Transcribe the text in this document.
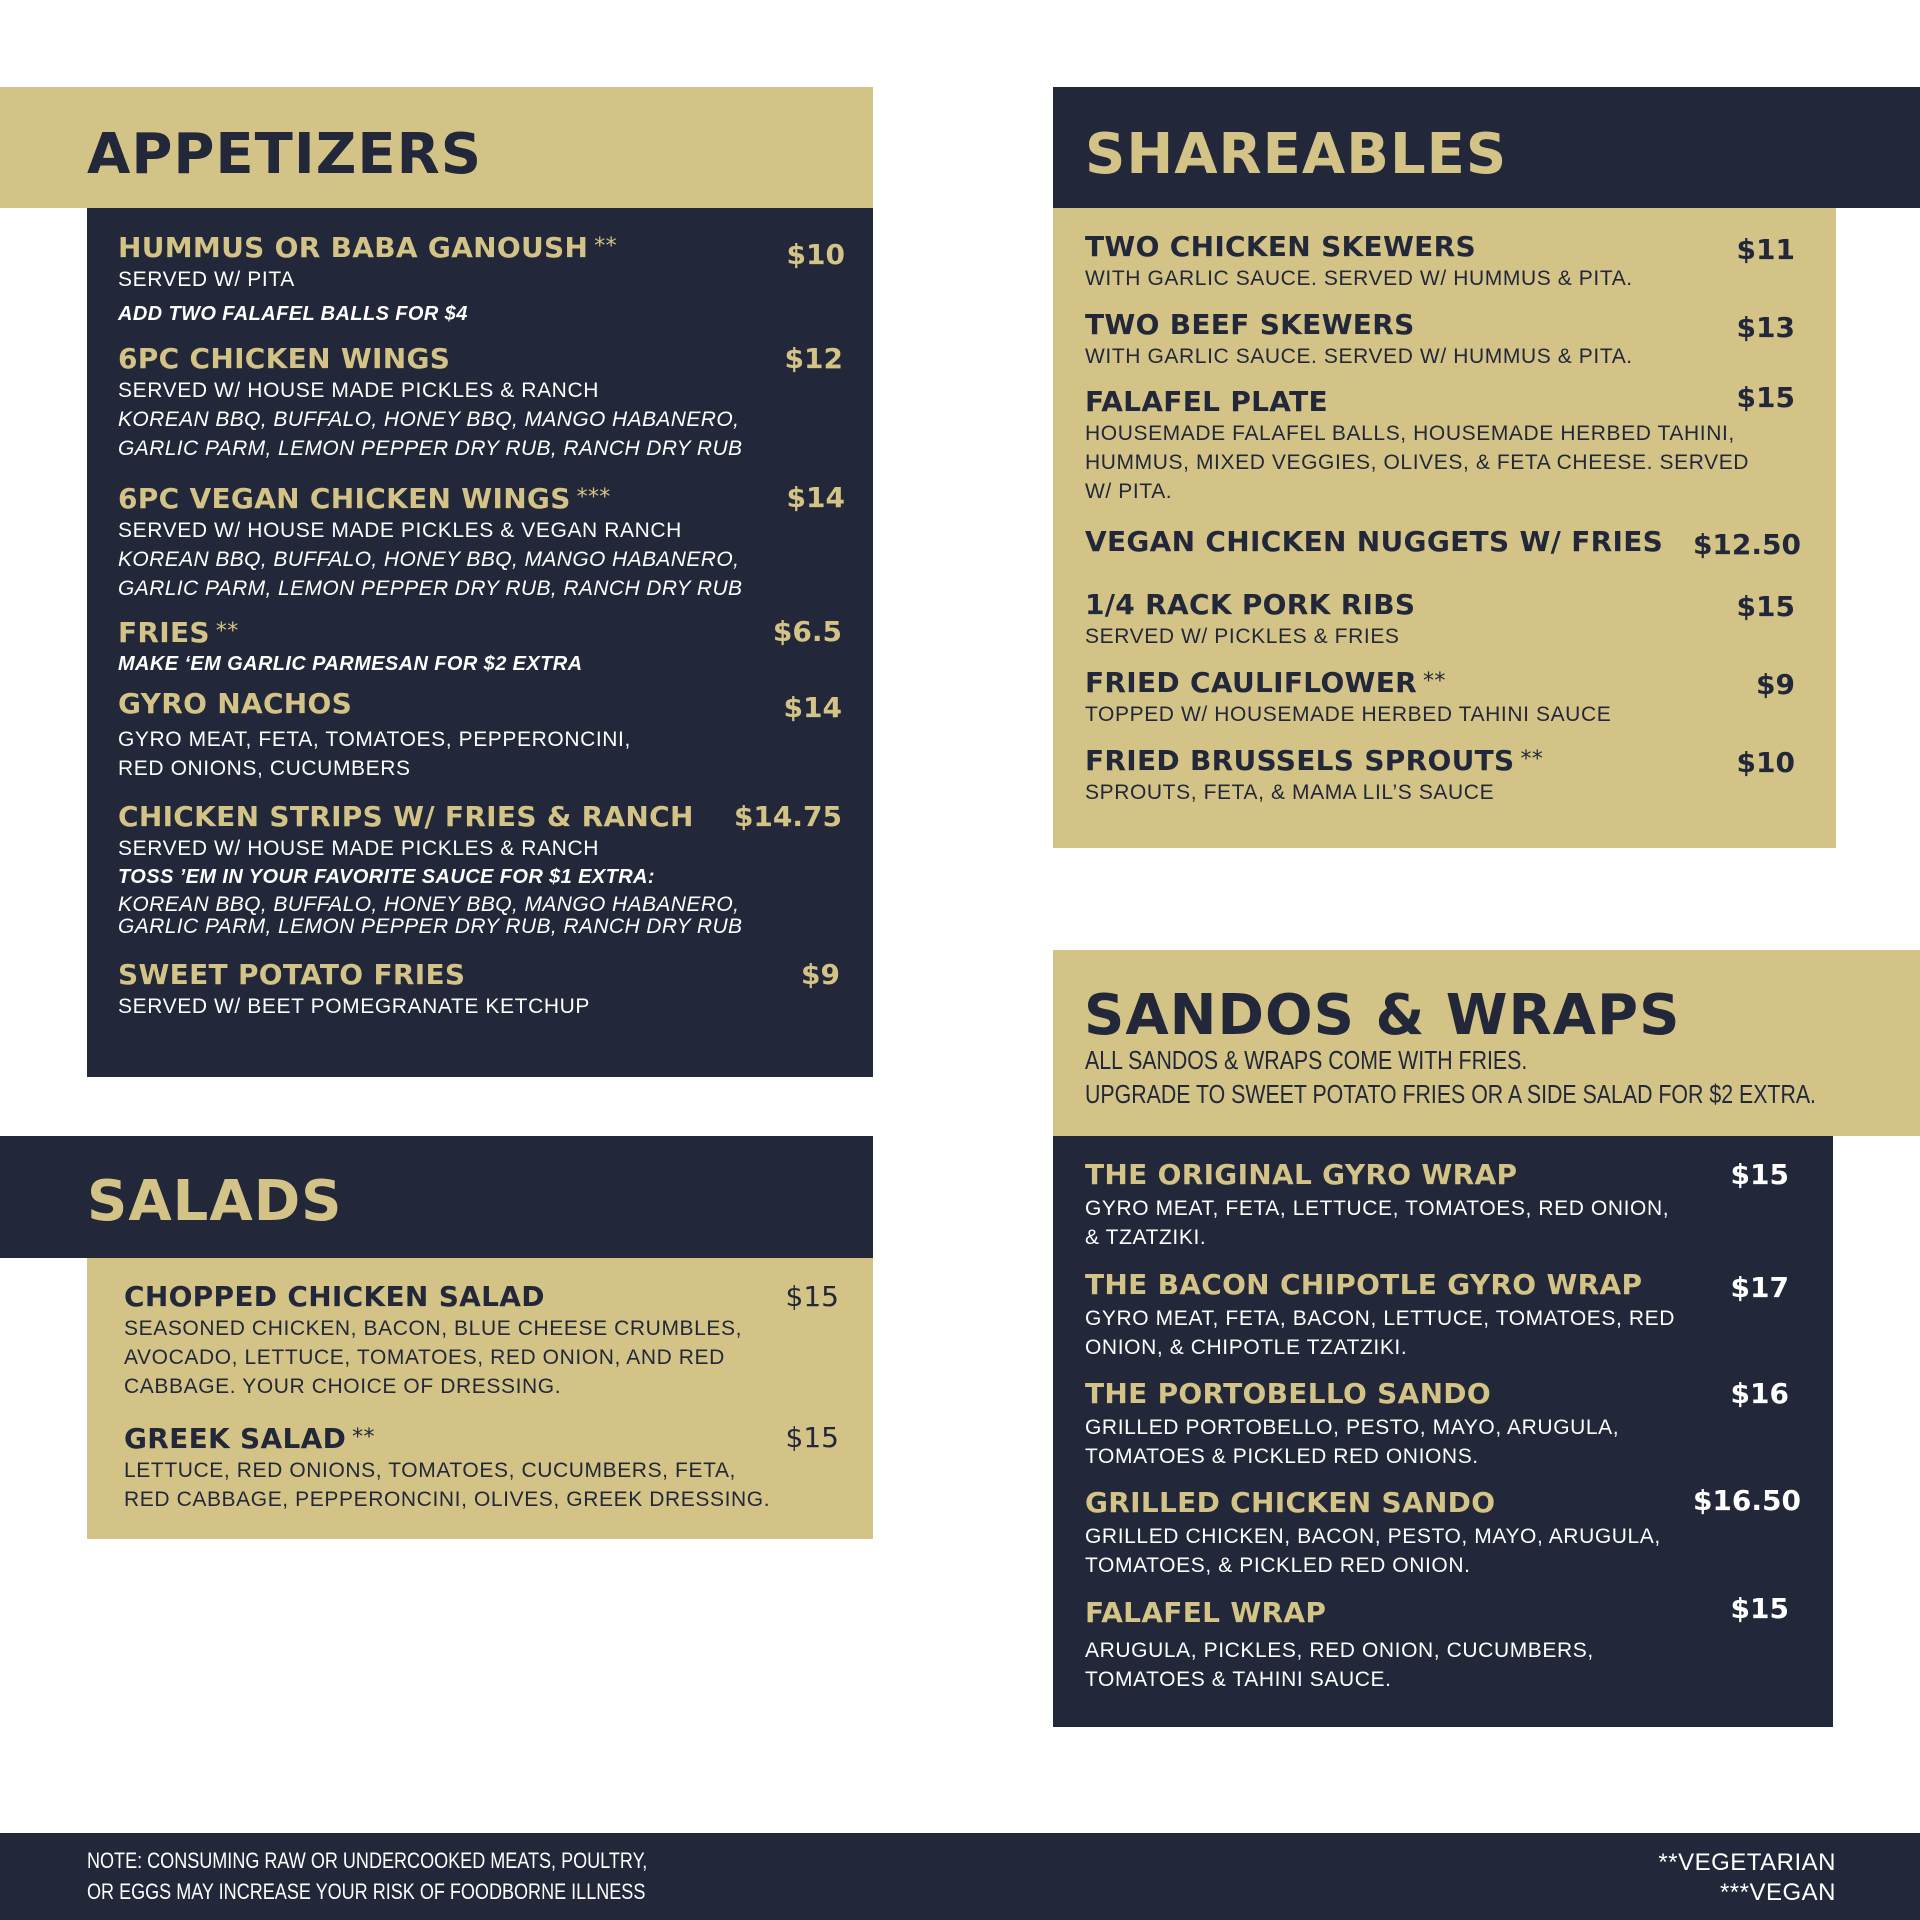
APPETIZERS
HUMMUS OR BABA GANOUSH **	$10
SERVED W/ PITA
ADD TWO FALAFEL BALLS FOR $4
6PC CHICKEN WINGS	$12
SERVED W/ HOUSE MADE PICKLES & RANCH
KOREAN BBQ, BUFFALO, HONEY BBQ, MANGO HABANERO,
GARLIC PARM, LEMON PEPPER DRY RUB, RANCH DRY RUB
6PC VEGAN CHICKEN WINGS ***	$14
SERVED W/ HOUSE MADE PICKLES & VEGAN RANCH
KOREAN BBQ, BUFFALO, HONEY BBQ, MANGO HABANERO,
GARLIC PARM, LEMON PEPPER DRY RUB, RANCH DRY RUB
FRIES **	$6.5
MAKE ‘EM GARLIC PARMESAN FOR $2 EXTRA
GYRO NACHOS	$14
GYRO MEAT, FETA, TOMATOES, PEPPERONCINI,
RED ONIONS, CUCUMBERS
CHICKEN STRIPS W/ FRIES & RANCH	$14.75
SERVED W/ HOUSE MADE PICKLES & RANCH
TOSS ’EM IN YOUR FAVORITE SAUCE FOR $1 EXTRA:
KOREAN BBQ, BUFFALO, HONEY BBQ, MANGO HABANERO,
GARLIC PARM, LEMON PEPPER DRY RUB, RANCH DRY RUB
SWEET POTATO FRIES	$9
SERVED W/ BEET POMEGRANATE KETCHUP
SALADS
CHOPPED CHICKEN SALAD	$15
SEASONED CHICKEN, BACON, BLUE CHEESE CRUMBLES,
AVOCADO, LETTUCE, TOMATOES, RED ONION, AND RED
CABBAGE. YOUR CHOICE OF DRESSING.
GREEK SALAD **	$15
LETTUCE, RED ONIONS, TOMATOES, CUCUMBERS, FETA,
RED CABBAGE, PEPPERONCINI, OLIVES, GREEK DRESSING.
SHAREABLES
TWO CHICKEN SKEWERS	$11
WITH GARLIC SAUCE. SERVED W/ HUMMUS & PITA.
TWO BEEF SKEWERS	$13
WITH GARLIC SAUCE. SERVED W/ HUMMUS & PITA.
FALAFEL PLATE	$15
HOUSEMADE FALAFEL BALLS, HOUSEMADE HERBED TAHINI,
HUMMUS, MIXED VEGGIES, OLIVES, & FETA CHEESE. SERVED
W/ PITA.
VEGAN CHICKEN NUGGETS W/ FRIES	$12.50
1/4 RACK PORK RIBS	$15
SERVED W/ PICKLES & FRIES
FRIED CAULIFLOWER **	$9
TOPPED W/ HOUSEMADE HERBED TAHINI SAUCE
FRIED BRUSSELS SPROUTS **	$10
SPROUTS, FETA, & MAMA LIL’S SAUCE
SANDOS & WRAPS
ALL SANDOS & WRAPS COME WITH FRIES.
UPGRADE TO SWEET POTATO FRIES OR A SIDE SALAD FOR $2 EXTRA.
THE ORIGINAL GYRO WRAP	$15
GYRO MEAT, FETA, LETTUCE, TOMATOES, RED ONION,
& TZATZIKI.
THE BACON CHIPOTLE GYRO WRAP	$17
GYRO MEAT, FETA, BACON, LETTUCE, TOMATOES, RED
ONION, & CHIPOTLE TZATZIKI.
THE PORTOBELLO SANDO	$16
GRILLED PORTOBELLO, PESTO, MAYO, ARUGULA,
TOMATOES & PICKLED RED ONIONS.
GRILLED CHICKEN SANDO	$16.50
GRILLED CHICKEN, BACON, PESTO, MAYO, ARUGULA,
TOMATOES, & PICKLED RED ONION.
FALAFEL WRAP	$15
ARUGULA, PICKLES, RED ONION, CUCUMBERS,
TOMATOES & TAHINI SAUCE.
NOTE: CONSUMING RAW OR UNDERCOOKED MEATS, POULTRY,
OR EGGS MAY INCREASE YOUR RISK OF FOODBORNE ILLNESS
**VEGETARIAN
***VEGAN
